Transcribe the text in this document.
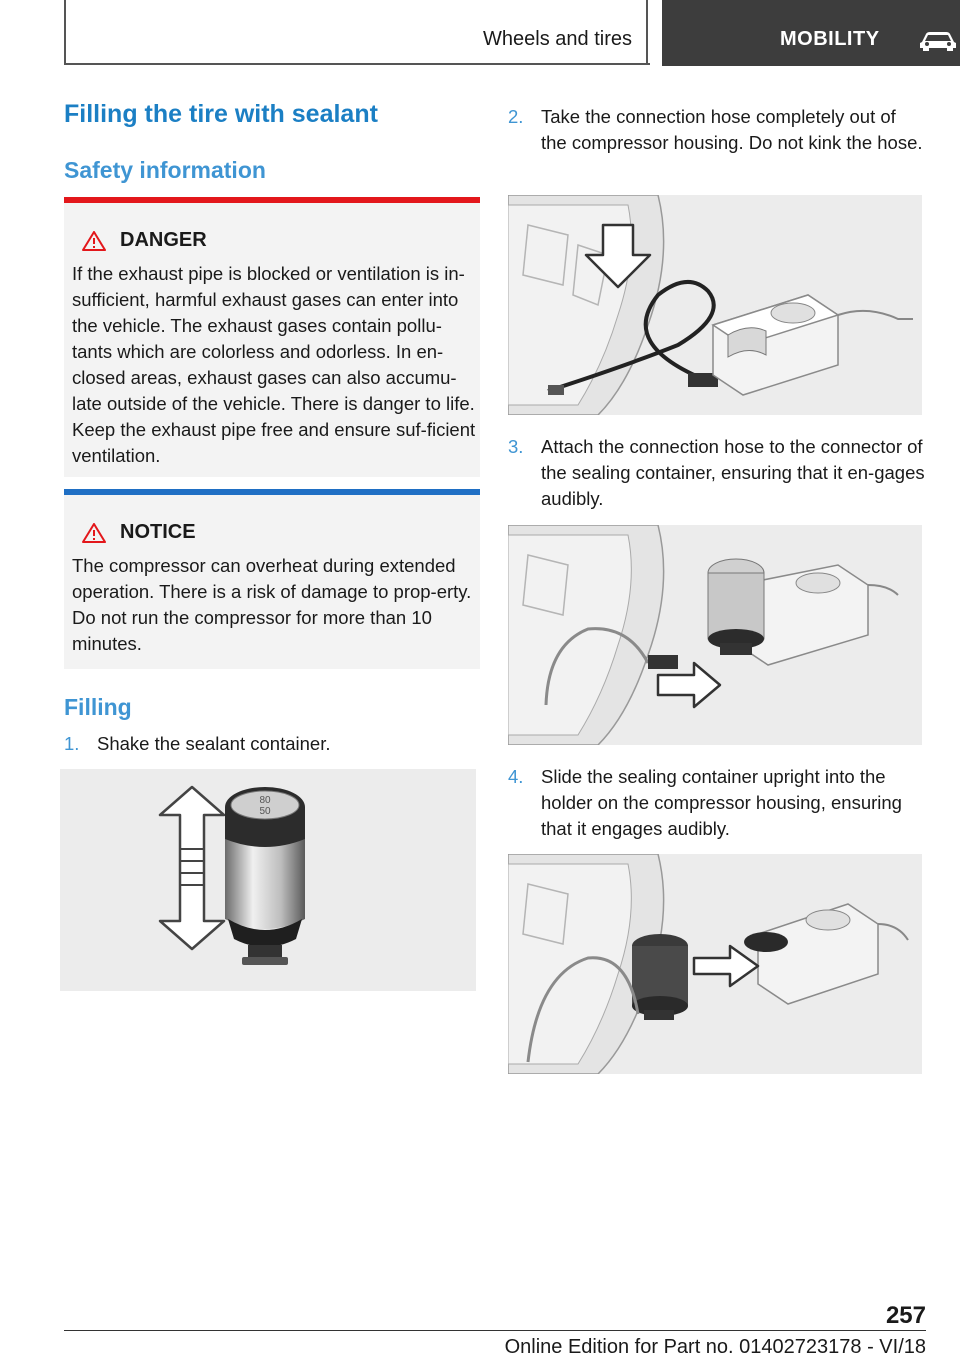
Wheels and tires	MOBILITY
Filling the tire with sealant
Safety information
DANGER
If the exhaust pipe is blocked or ventilation is in-sufficient, harmful exhaust gases can enter into the vehicle. The exhaust gases contain pollu-tants which are colorless and odorless. In en-closed areas, exhaust gases can also accumu-late outside of the vehicle. There is danger to life. Keep the exhaust pipe free and ensure suf-ficient ventilation.
NOTICE
The compressor can overheat during extended operation. There is a risk of damage to prop-erty. Do not run the compressor for more than 10 minutes.
Filling
1. Shake the sealant container.
80
50
2. Take the connection hose completely out of the compressor housing. Do not kink the hose.
3. Attach the connection hose to the connector of the sealing container, ensuring that it en-gages audibly.
4. Slide the sealing container upright into the holder on the compressor housing, ensuring that it engages audibly.
257
Online Edition for Part no. 01402723178 - VI/18
